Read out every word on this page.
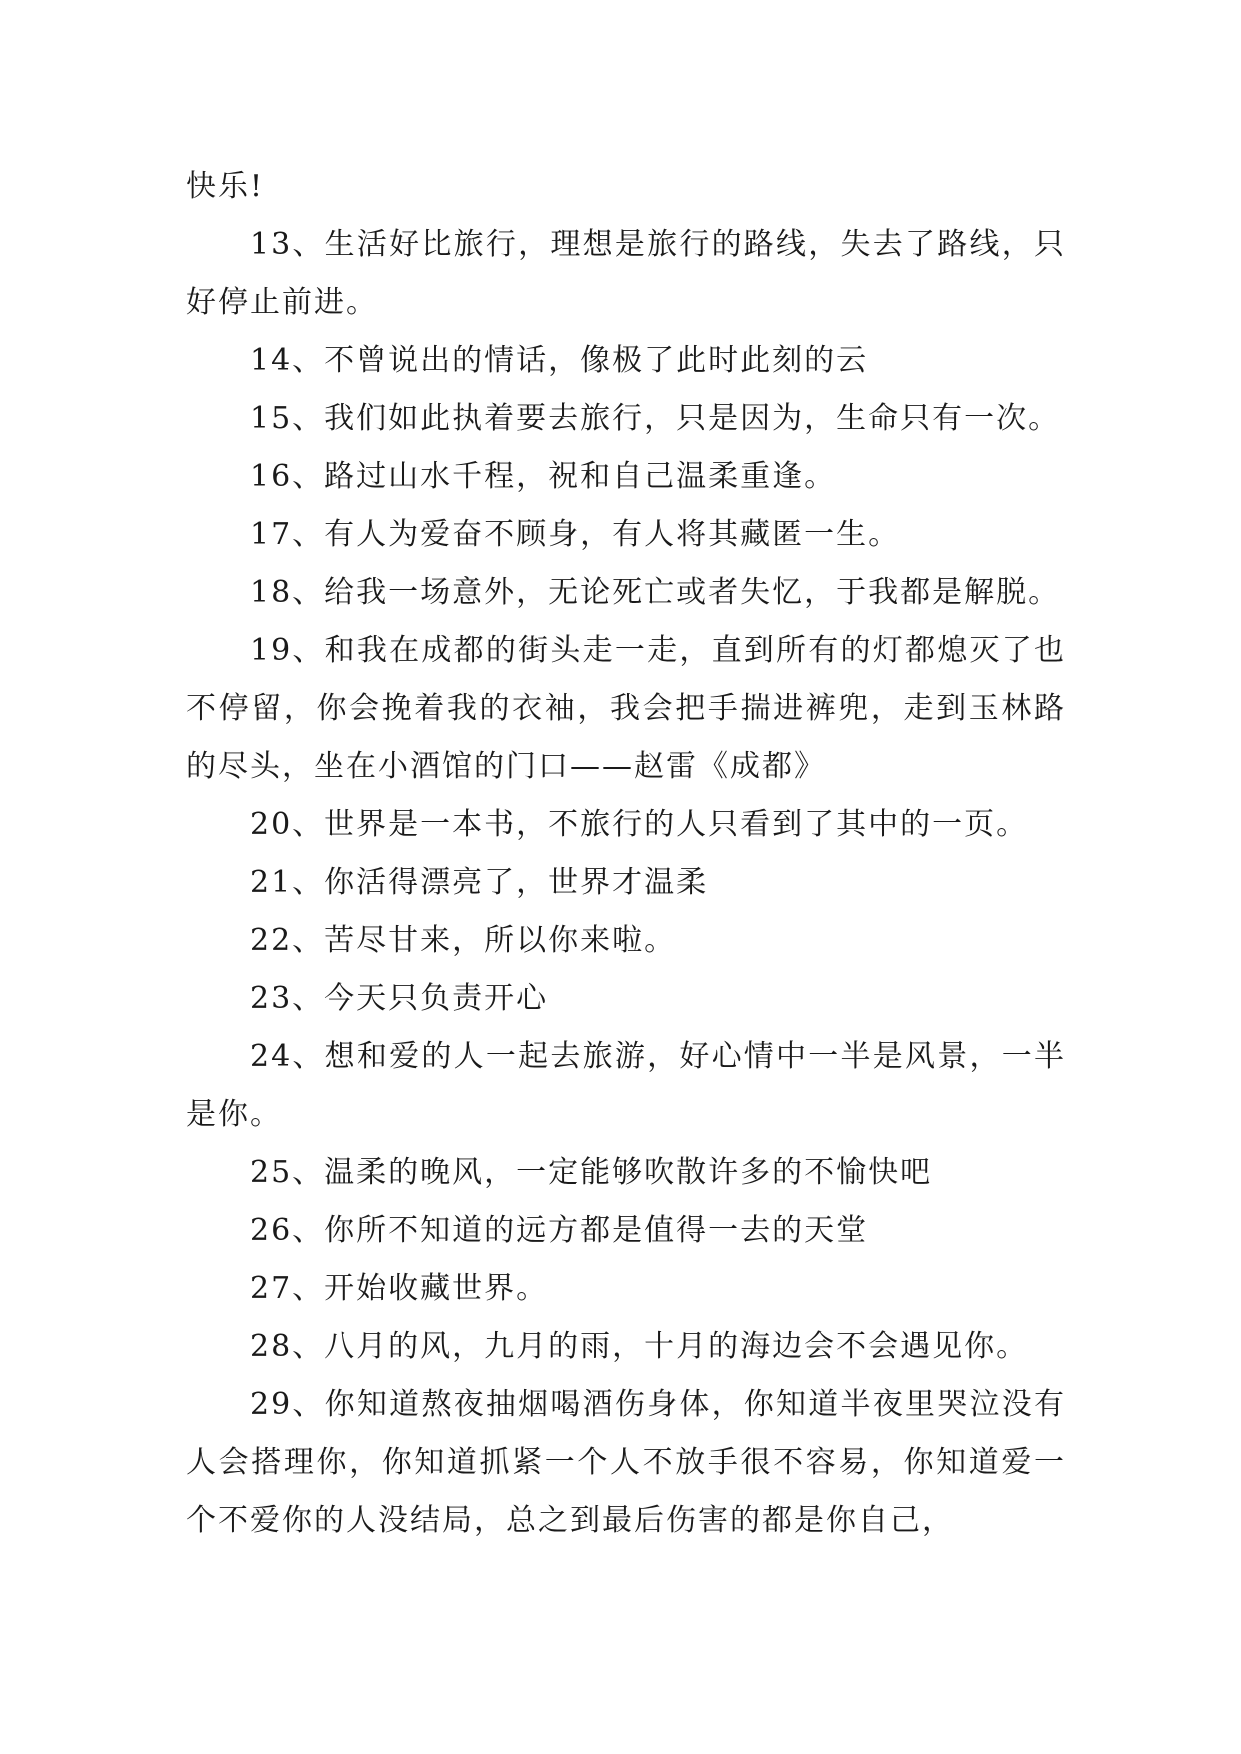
快乐!

13、生活好比旅行，理想是旅行的路线，失去了路线，只好停止前进。

14、不曾说出的情话，像极了此时此刻的云

15、我们如此执着要去旅行，只是因为，生命只有一次。

16、路过山水千程，祝和自己温柔重逢。

17、有人为爱奋不顾身，有人将其藏匿一生。

18、给我一场意外，无论死亡或者失忆，于我都是解脱。

19、和我在成都的街头走一走，直到所有的灯都熄灭了也不停留，你会挽着我的衣袖，我会把手揣进裤兜，走到玉林路的尽头，坐在小酒馆的门口——赵雷《成都》

20、世界是一本书，不旅行的人只看到了其中的一页。

21、你活得漂亮了，世界才温柔

22、苦尽甘来，所以你来啦。

23、今天只负责开心

24、想和爱的人一起去旅游，好心情中一半是风景，一半是你。

25、温柔的晚风，一定能够吹散许多的不愉快吧

26、你所不知道的远方都是值得一去的天堂

27、开始收藏世界。

28、八月的风，九月的雨，十月的海边会不会遇见你。

29、你知道熬夜抽烟喝酒伤身体，你知道半夜里哭泣没有人会搭理你，你知道抓紧一个人不放手很不容易，你知道爱一个不爱你的人没结局，总之到最后伤害的都是你自己，
